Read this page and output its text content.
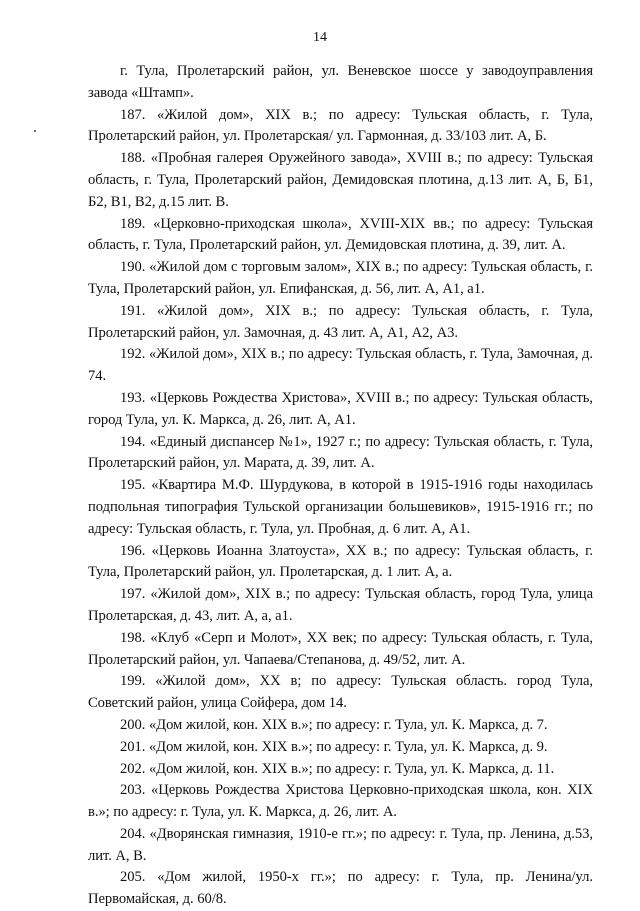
14

г. Тула, Пролетарский район, ул. Веневское шоссе у заводоуправления завода «Штамп».

187. «Жилой дом», XIX в.; по адресу: Тульская область, г. Тула, Пролетарский район, ул. Пролетарская/ ул. Гармонная, д. 33/103 лит. А, Б.

188. «Пробная галерея Оружейного завода», XVIII в.; по адресу: Тульская область, г. Тула, Пролетарский район, Демидовская плотина, д.13 лит. А, Б, Б1, Б2, В1, В2, д.15 лит. В.

189. «Церковно-приходская школа», XVIII-XIX вв.; по адресу: Тульская область, г. Тула, Пролетарский район, ул. Демидовская плотина, д. 39, лит. А.

190. «Жилой дом с торговым залом», XIX в.; по адресу: Тульская область, г. Тула, Пролетарский район, ул. Епифанская, д. 56, лит. А, А1, а1.

191. «Жилой дом», XIX в.; по адресу: Тульская область, г. Тула, Пролетарский район, ул. Замочная, д. 43 лит. А, А1, А2, А3.

192. «Жилой дом», XIX в.; по адресу: Тульская область, г. Тула, Замочная, д. 74.

193. «Церковь Рождества Христова», XVIII в.; по адресу: Тульская область, город Тула, ул. К. Маркса, д. 26, лит. А, А1.

194. «Единый диспансер №1», 1927 г.; по адресу: Тульская область, г. Тула, Пролетарский район, ул. Марата, д. 39, лит. А.

195. «Квартира М.Ф. Шурдукова, в которой в 1915-1916 годы находилась подпольная типография Тульской организации большевиков», 1915-1916 гг.; по адресу: Тульская область, г. Тула, ул. Пробная, д. 6 лит. А, А1.

196. «Церковь Иоанна Златоуста», XX в.; по адресу: Тульская область, г. Тула, Пролетарский район, ул. Пролетарская, д. 1 лит. А, а.

197. «Жилой дом», XIX в.; по адресу: Тульская область, город Тула, улица Пролетарская, д. 43, лит. А, а, а1.

198. «Клуб «Серп и Молот», XX век; по адресу: Тульская область, г. Тула, Пролетарский район, ул. Чапаева/Степанова, д. 49/52, лит. А.

199. «Жилой дом», XX в; по адресу: Тульская область. город Тула, Советский район, улица Сойфера, дом 14.

200. «Дом жилой, кон. XIX в.»; по адресу: г. Тула, ул. К. Маркса, д. 7.

201. «Дом жилой, кон. XIX в.»; по адресу: г. Тула, ул. К. Маркса, д. 9.

202. «Дом жилой, кон. XIX в.»; по адресу: г. Тула, ул. К. Маркса, д. 11.

203. «Церковь Рождества Христова Церковно-приходская школа, кон. XIX в.»; по адресу: г. Тула, ул. К. Маркса, д. 26, лит. А.

204. «Дворянская гимназия, 1910-е гг.»; по адресу: г. Тула, пр. Ленина, д.53, лит. А, В.

205. «Дом жилой, 1950-х гг.»; по адресу: г. Тула, пр. Ленина/ул. Первомайская, д. 60/8.
